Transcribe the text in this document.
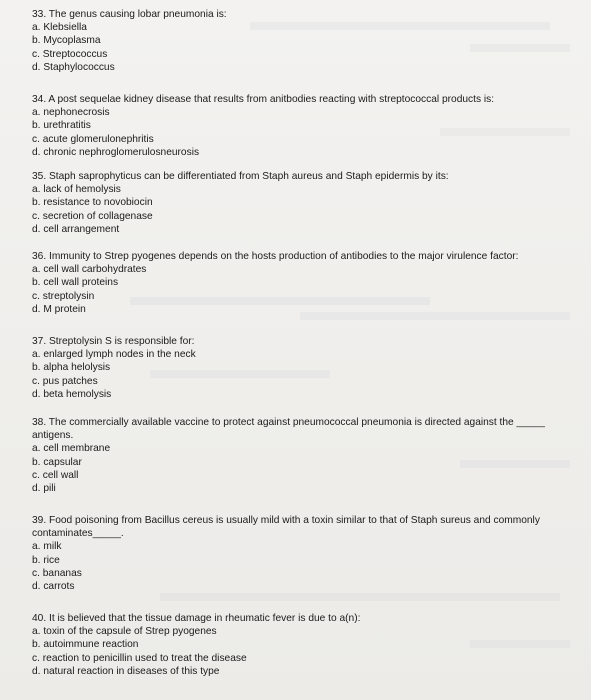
33. The genus causing lobar pneumonia is:

a. Klebsiella

b. Mycoplasma

c. Streptococcus

d. Staphylococcus

34. A post sequelae kidney disease that results from anitbodies reacting with streptococcal products is:

a. nephonecrosis

b. urethratitis

c. acute glomerulonephritis

d. chronic nephroglomerulosneurosis

35. Staph saprophyticus can be differentiated from Staph aureus and Staph epidermis by its:

a. lack of hemolysis

b. resistance to novobiocin

c. secretion of collagenase

d. cell arrangement

36. Immunity to Strep pyogenes depends on the hosts production of antibodies to the major virulence factor:

a. cell wall carbohydrates

b. cell wall proteins

c. streptolysin

d. M protein

37. Streptolysin S is responsible for:

a. enlarged lymph nodes in the neck

b. alpha helolysis

c. pus patches

d. beta hemolysis

38. The commercially available vaccine to protect against pneumococcal pneumonia is directed against the _____ antigens.

a. cell membrane

b. capsular

c. cell wall

d. pili

39. Food poisoning from Bacillus cereus is usually mild with a toxin similar to that of Staph sureus and commonly contaminates_____.

a. milk

b. rice

c. bananas

d. carrots

40. It is believed that the tissue damage in rheumatic fever is due to a(n):

a. toxin of the capsule of Strep pyogenes

b. autoimmune reaction

c. reaction to penicillin used to treat the disease

d. natural reaction in diseases of this type
